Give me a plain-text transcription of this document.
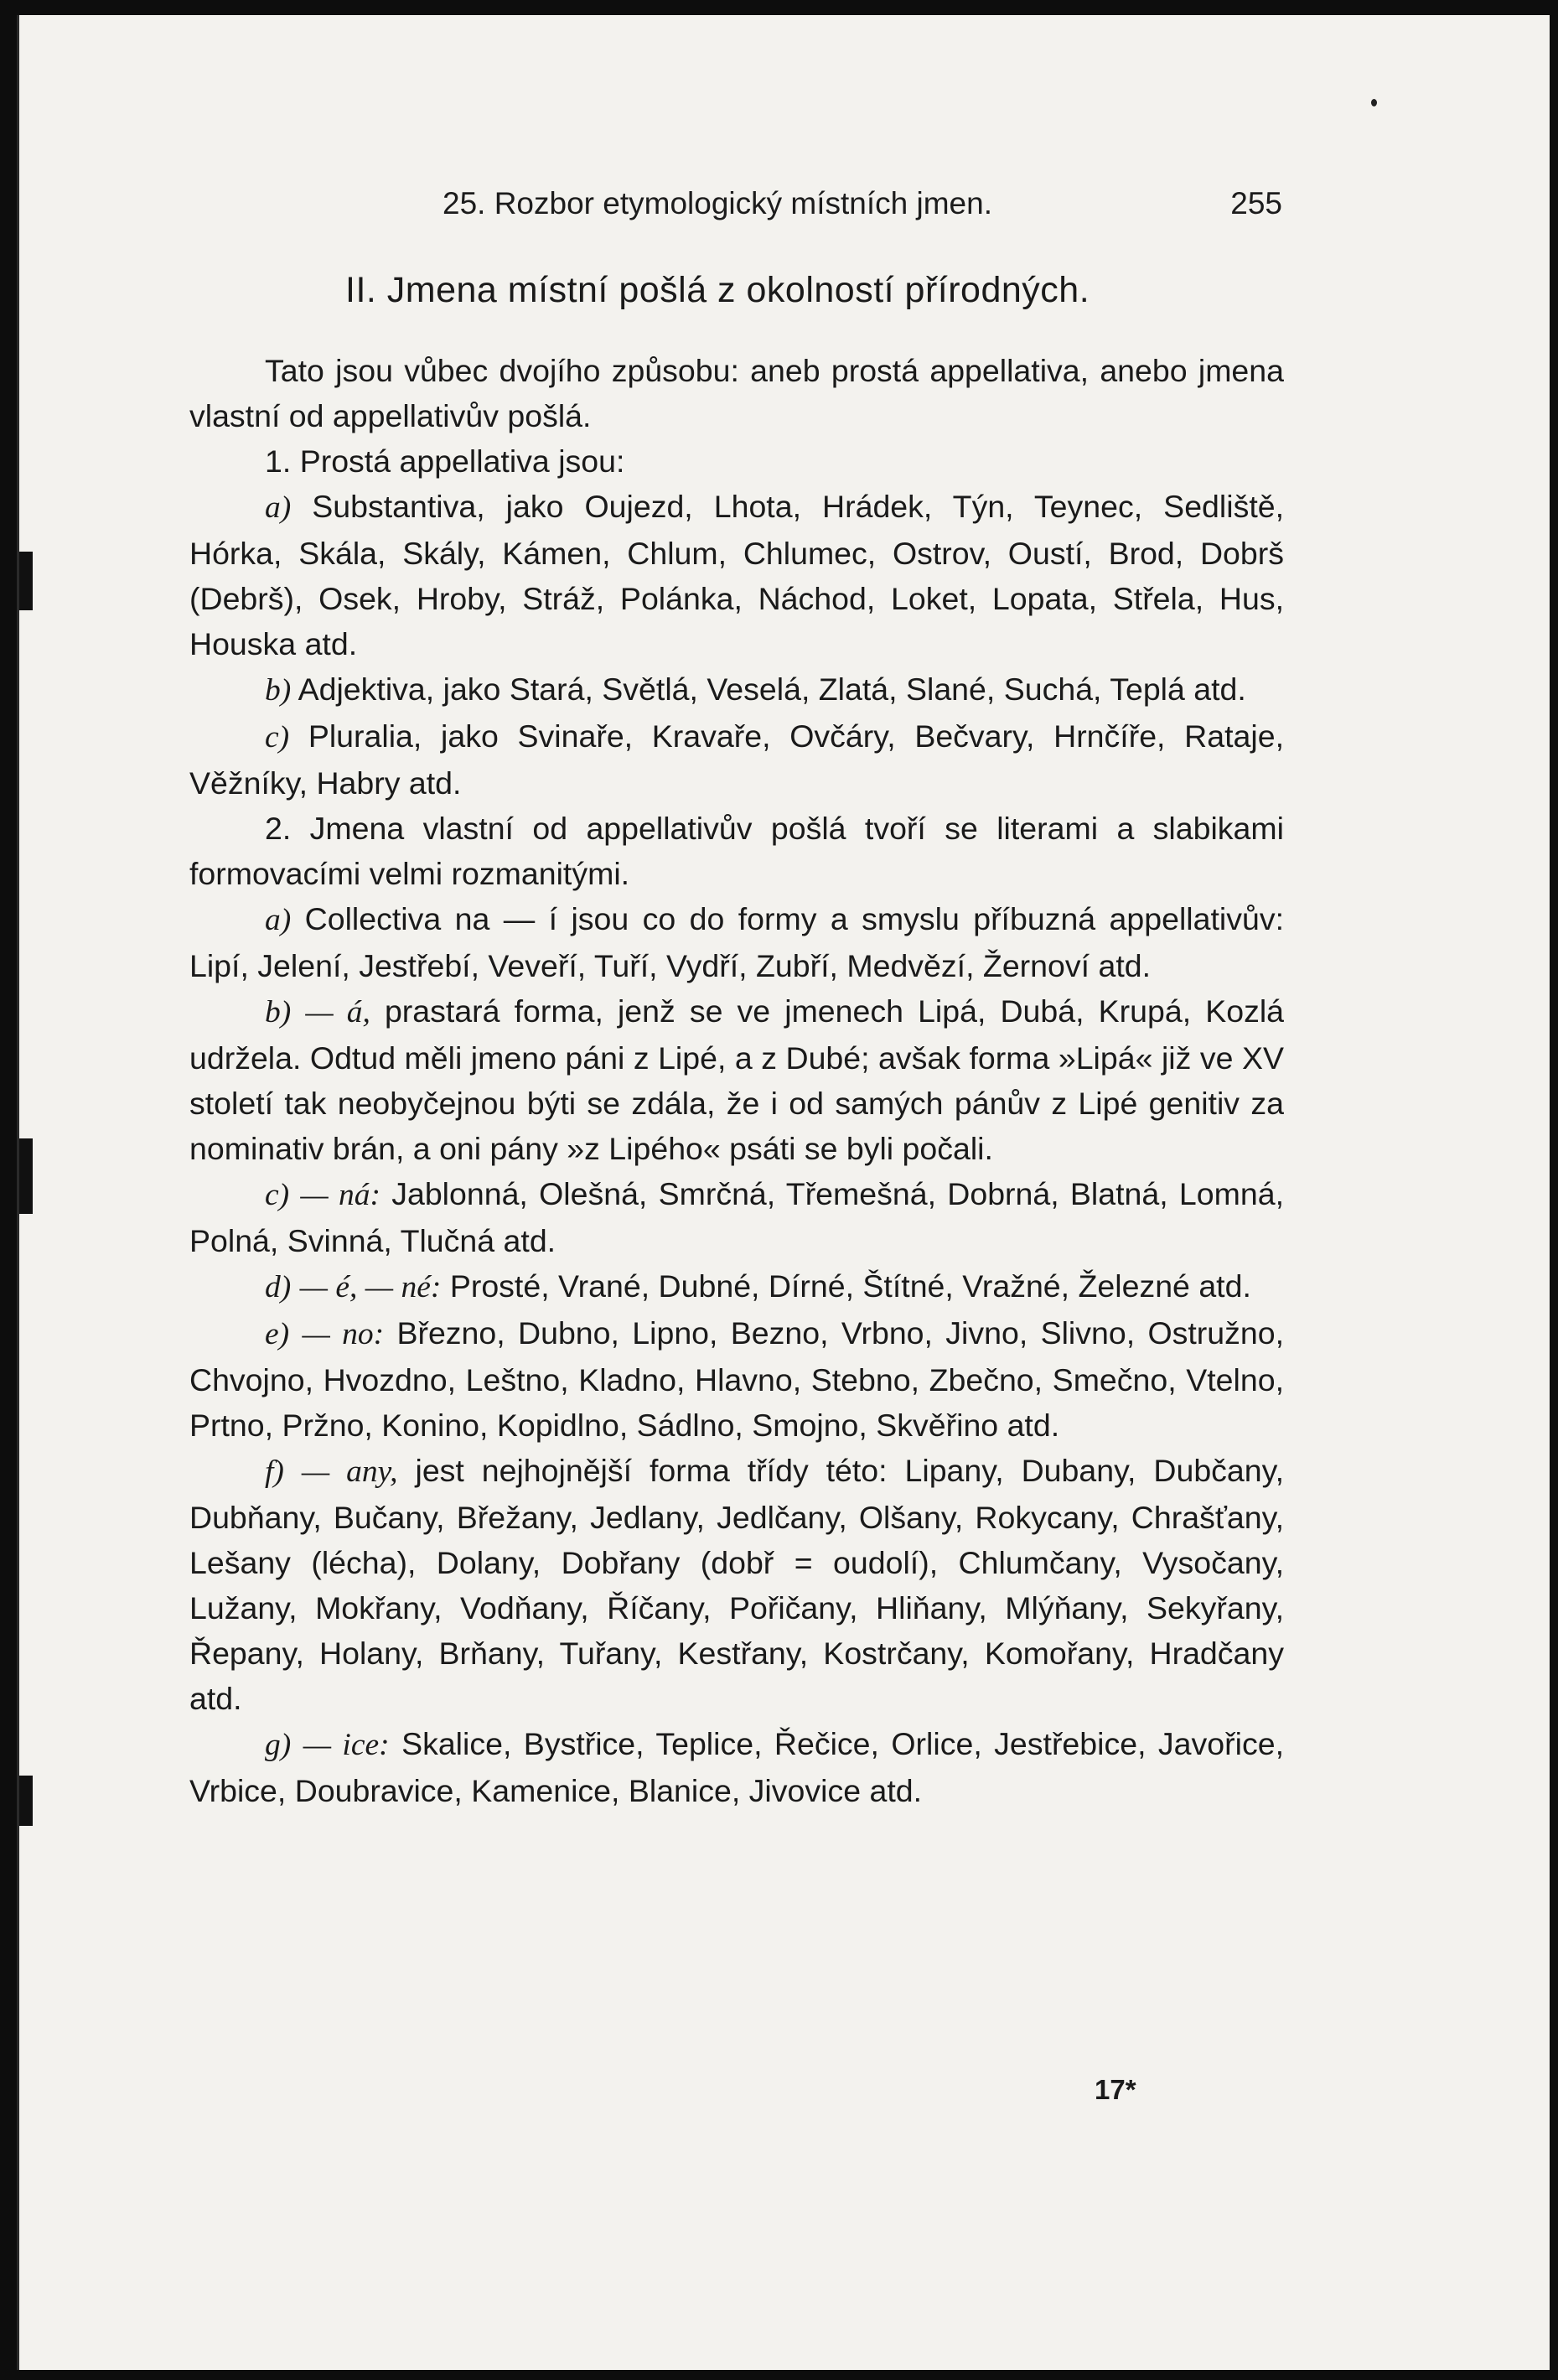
25. Rozbor etymologický místních jmen.	255
II. Jmena místní pošlá z okolností přírodných.

Tato jsou vůbec dvojího způsobu: aneb prostá appellativa, anebo jmena vlastní od appellativův pošlá.

1. Prostá appellativa jsou:

a) Substantiva, jako Oujezd, Lhota, Hrádek, Týn, Teynec, Sedliště, Hórka, Skála, Skály, Kámen, Chlum, Chlumec, Ostrov, Oustí, Brod, Dobrš (Debrš), Osek, Hroby, Stráž, Polánka, Náchod, Loket, Lopata, Střela, Hus, Houska atd.

b) Adjektiva, jako Stará, Světlá, Veselá, Zlatá, Slané, Suchá, Teplá atd.

c) Pluralia, jako Svinaře, Kravaře, Ovčáry, Bečvary, Hrnčíře, Rataje, Věžníky, Habry atd.

2. Jmena vlastní od appellativův pošlá tvoří se literami a slabikami formovacími velmi rozmanitými.

a) Collectiva na — í jsou co do formy a smyslu příbuzná appellativův: Lipí, Jelení, Jestřebí, Veveří, Tuří, Vydří, Zubří, Medvězí, Žernoví atd.

b) — á, prastará forma, jenž se ve jmenech Lipá, Dubá, Krupá, Kozlá udržela. Odtud měli jmeno páni z Lipé, a z Dubé; avšak forma »Lipá« již ve XV století tak neobyčejnou býti se zdála, že i od samých pánův z Lipé genitiv za nominativ brán, a oni pány »z Lipého« psáti se byli počali.

c) — ná: Jablonná, Olešná, Smrčná, Třemešná, Dobrná, Blatná, Lomná, Polná, Svinná, Tlučná atd.

d) — é, — né: Prosté, Vrané, Dubné, Dírné, Štítné, Vražné, Železné atd.

e) — no: Březno, Dubno, Lipno, Bezno, Vrbno, Jivno, Slivno, Ostružno, Chvojno, Hvozdno, Leštno, Kladno, Hlavno, Stebno, Zbečno, Smečno, Vtelno, Prtno, Pržno, Konino, Kopidlno, Sádlno, Smojno, Skvěřino atd.

f) — any, jest nejhojnější forma třídy této: Lipany, Dubany, Dubčany, Dubňany, Bučany, Břežany, Jedlany, Jedlčany, Olšany, Rokycany, Chrašťany, Lešany (lécha), Dolany, Dobřany (dobř = oudolí), Chlumčany, Vysočany, Lužany, Mokřany, Vodňany, Říčany, Pořičany, Hliňany, Mlýňany, Sekyřany, Řepany, Holany, Brňany, Tuřany, Kestřany, Kostrčany, Komořany, Hradčany atd.

g) — ice: Skalice, Bystřice, Teplice, Řečice, Orlice, Jestřebice, Javořice, Vrbice, Doubravice, Kamenice, Blanice, Jivovice atd.

17*
